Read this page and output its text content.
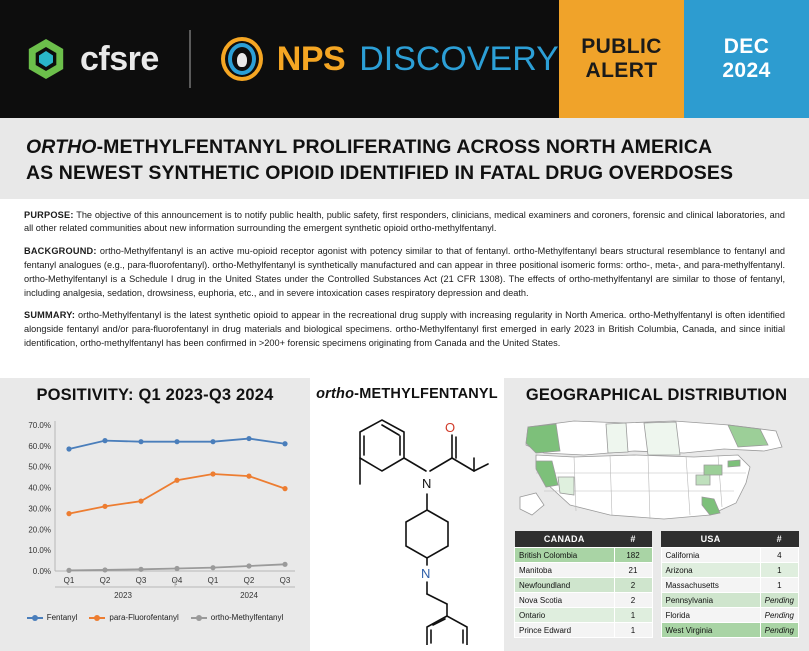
cfsre	NPS DISCOVERY PUBLIC
ALERT
DEC
2024
ORTHO-METHYLFENTANYL PROLIFERATING ACROSS NORTH AMERICA
AS NEWEST SYNTHETIC OPIOID IDENTIFIED IN FATAL DRUG OVERDOSES

PURPOSE: The objective of this announcement is to notify public health, public safety, first responders, clinicians, medical examiners and coroners, forensic and clinical laboratories, and all other related communities about new information surrounding the emergent synthetic opioid ortho-methylfentanyl.

BACKGROUND: ortho-Methylfentanyl is an active mu-opioid receptor agonist with potency similar to that of fentanyl. ortho-Methylfentanyl bears structural resemblance to fentanyl and fentanyl analogues (e.g., para-fluorofentanyl). ortho-Methylfentanyl is synthetically manufactured and can appear in three positional isomeric forms: ortho-, meta-, and para-methylfentanyl. ortho-Methylfentanyl is a Schedule I drug in the United States under the Controlled Substances Act (21 CFR 1308). The effects of ortho-methylfentanyl are similar to those of fentanyl, including analgesia, sedation, drowsiness, euphoria, etc., and in severe intoxication cases respiratory depression and death.

SUMMARY: ortho-Methylfentanyl is the latest synthetic opioid to appear in the recreational drug supply with increasing regularity in North America. ortho-Methylfentanyl is often identified alongside fentanyl and/or para-fluorofentanyl in drug materials and biological specimens. ortho-Methylfentanyl first emerged in early 2023 in British Columbia, Canada, and since initial identification, ortho-methylfentanyl has been confirmed in >200+ forensic specimens originating from Canada and the United States.

POSITIVITY: Q1 2023-Q3 2024
0.0%
10.0%
20.0%
30.0%
40.0%
50.0%
60.0%
70.0%
Q1	Q2	Q3	Q4	Q1	Q2	Q3
2023	2024
Fentanyl	para-Fluorofentanyl	ortho-Methylfentanyl
ortho-METHYLFENTANYL
N
O
N
GEOGRAPHICAL DISTRIBUTION
CANADA	#
British Colombia	182
Manitoba	21
Newfoundland	2
Nova Scotia	2
Ontario	1
Prince Edward	1
USA	#
California	4
Arizona	1
Massachusetts	1
Pennsylvania	Pending
Florida	Pending
West Virginia	Pending
